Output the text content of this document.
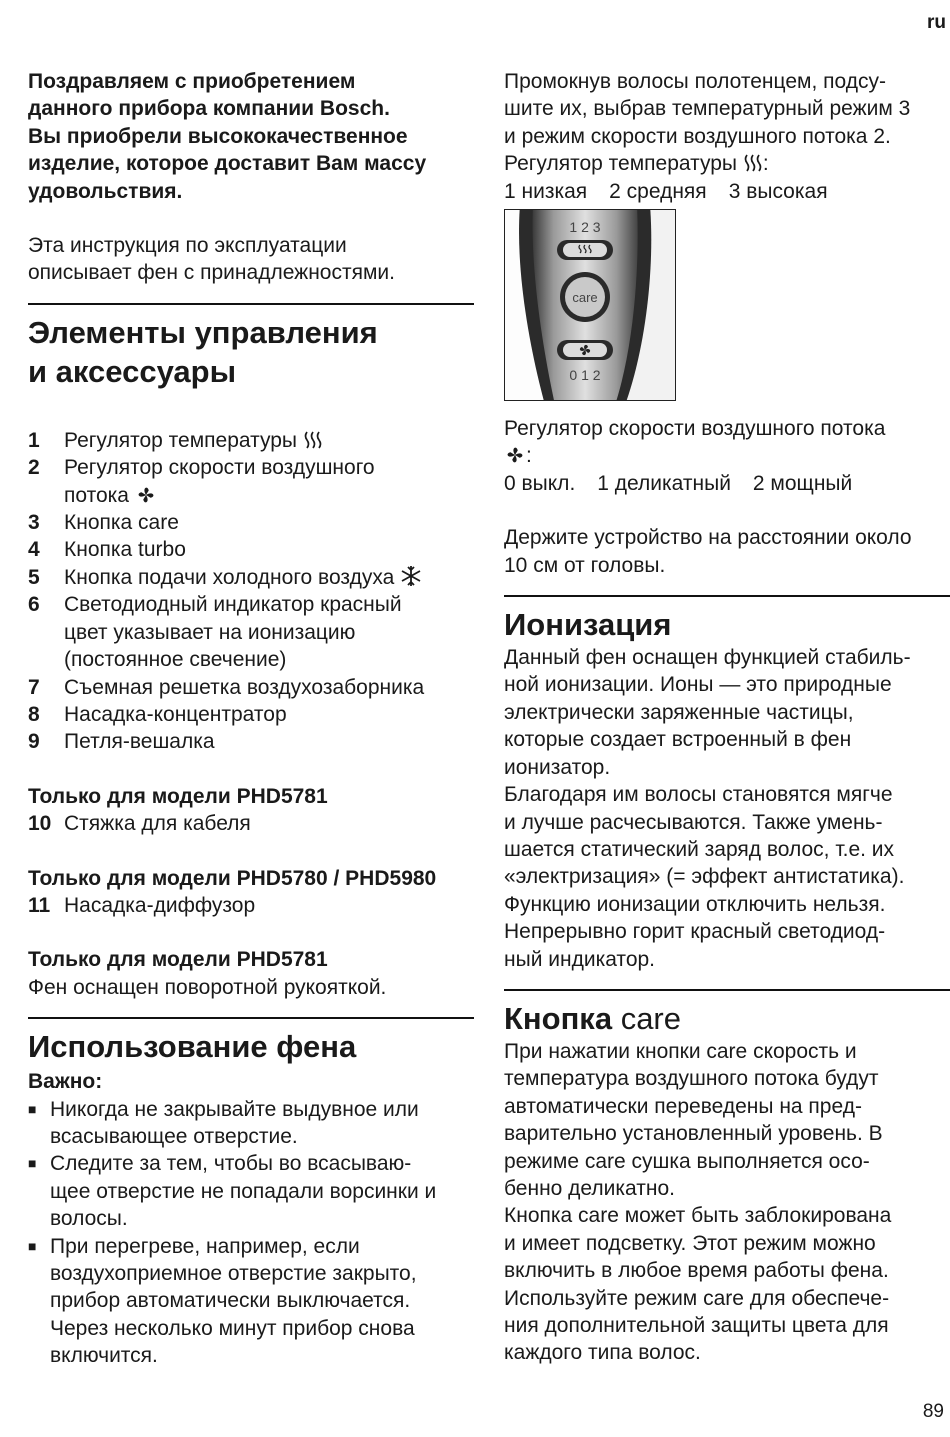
ru

Поздравляем с приобретением

данного прибора компании Bosch.

Вы приобрели высококачественное

изделие, которое доставит Вам массу

удовольствия.

Эта инструкция по эксплуатации

описывает фен с принадлежностями.

Элементы управления
и аксессуары
1	Регулятор температуры
2	Регулятор скорости воздушного
потока
3	Кнопка care
4	Кнопка turbo
5	Кнопка подачи холодного воздуха
6	Светодиодный индикатор красный
цвет указывает на ионизацию
(постоянное свечение)
7	Съемная решетка воздухозаборника
8	Насадка-концентратор
9	Петля-вешалка

Только для модели PHD5781

10 Стяжка для кабеля

Только для модели PHD5780 / PHD5980

11 Насадка-диффузор

Только для модели PHD5781

Фен оснащен поворотной рукояткой.

Использование фена

Важно:

■ Никогда не закрывайте выдувное или
всасывающее отверстие.
■ Следите за тем, чтобы во всасываю-
щее отверстие не попадали ворсинки и
волосы.
■ При перегреве, например, если
воздухоприемное отверстие закрыто,
прибор автоматически выключается.
Через несколько минут прибор снова
включится.

Промокнув волосы полотенцем, подсу-

шите их, выбрав температурный режим 3

и режим скорости воздушного потока 2.

Регулятор температуры :

1 низкая 2 средняя 3 высокая

1 2 3
care
0 1 2

Регулятор скорости воздушного потока

:

0 выкл. 1 деликатный 2 мощный

Держите устройство на расстоянии около

10 см от головы.

Ионизация

Данный фен оснащен функцией стабиль-

ной ионизации. Ионы — это природные

электрически заряженные частицы,

которые создает встроенный в фен

ионизатор.

Благодаря им волосы становятся мягче

и лучше расчесываются. Также умень-

шается статический заряд волос, т.е. их

«электризация» (= эффект антистатика).

Функцию ионизации отключить нельзя.

Непрерывно горит красный светодиод-

ный индикатор.

Кнопка care

При нажатии кнопки care скорость и

температура воздушного потока будут

автоматически переведены на пред-

варительно установленный уровень. В

режиме care сушка выполняется осо-

бенно деликатно.

Кнопка care может быть заблокирована

и имеет подсветку. Этот режим можно

включить в любое время работы фена.

Используйте режим care для обеспече-

ния дополнительной защиты цвета для

каждого типа волос.

89
